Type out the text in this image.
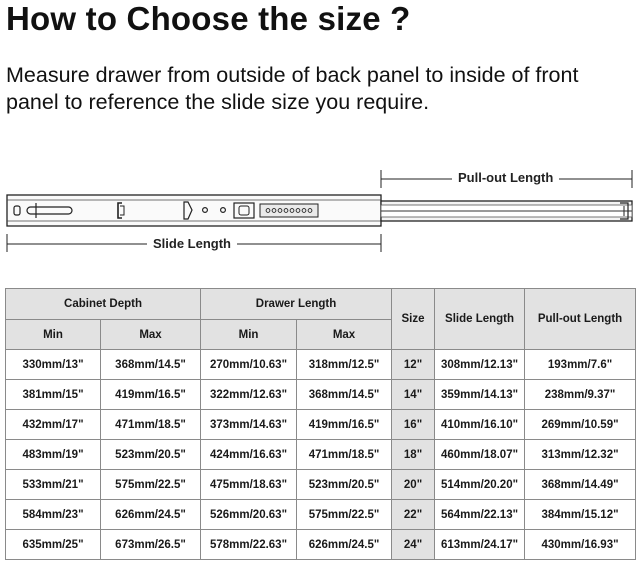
How to Choose the size ?
Measure drawer from outside of back panel to inside of front panel to reference the slide size you require.
Pull-out Length
Slide Length
Cabinet Depth		Drawer Length		Size	Slide Length	Pull-out Length
Min	Max	Min	Max			
330mm/13"	368mm/14.5"	270mm/10.63"	318mm/12.5"	12"	308mm/12.13"	193mm/7.6"
381mm/15"	419mm/16.5"	322mm/12.63"	368mm/14.5"	14"	359mm/14.13"	238mm/9.37"
432mm/17"	471mm/18.5"	373mm/14.63"	419mm/16.5"	16"	410mm/16.10"	269mm/10.59"
483mm/19"	523mm/20.5"	424mm/16.63"	471mm/18.5"	18"	460mm/18.07"	313mm/12.32"
533mm/21"	575mm/22.5"	475mm/18.63"	523mm/20.5"	20"	514mm/20.20"	368mm/14.49"
584mm/23"	626mm/24.5"	526mm/20.63"	575mm/22.5"	22"	564mm/22.13"	384mm/15.12"
635mm/25"	673mm/26.5"	578mm/22.63"	626mm/24.5"	24"	613mm/24.17"	430mm/16.93"
